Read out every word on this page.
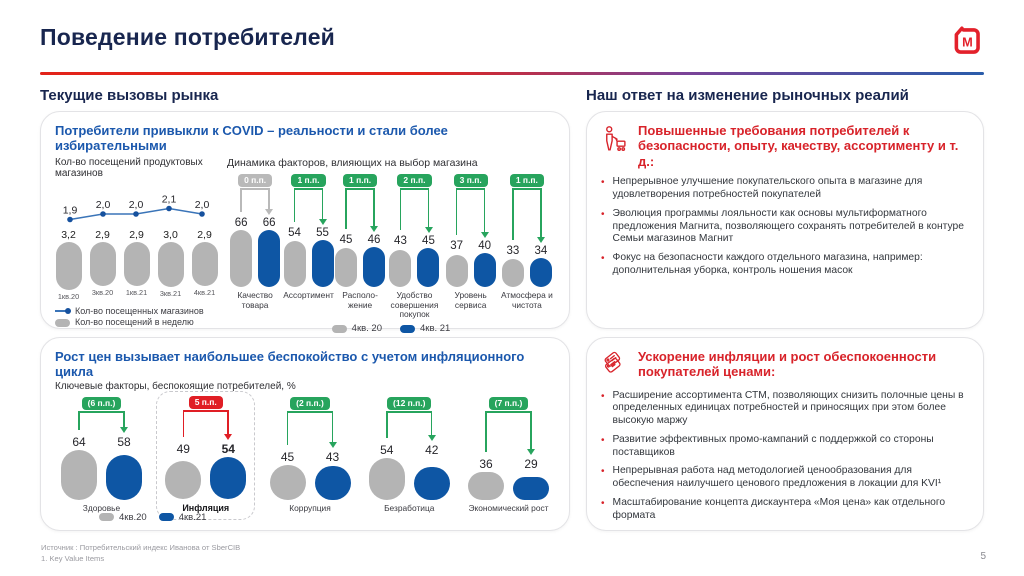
Поведение потребителей	М
Текущие вызовы рынка	Наш ответ на изменение рыночных реалий
Потребители привыкли к COVID – реальности и стали более избирательными
Кол-во посещений продуктовых магазинов
1,9 2,0 2,0 2,1 2,0
3,2
1кв.20
2,9
3кв.20
2,9
1кв.21
3,0
3кв.21
2,9
4кв.21
Кол-во посещенных магазинов
Кол-во посещений в неделю
Динамика факторов, влияющих на выбор магазина
0 п.п.
66	66
Качество товара
1 п.п.
54	55
Ассортимент
1 п.п.
45	46
Располо-жение
2 п.п.
43	45
Удобство совершения покупок
3 п.п.
37	40
Уровень сервиса
1 п.п.
33	34
Атмосфера и чистота
4кв. 20	4кв. 21
Повышенные требования потребителей к безопасности, опыту, качеству, ассортименту и т. д.:
• Непрерывное улучшение покупательского опыта в магазине для удовлетворения потребностей покупателей
• Эволюция программы лояльности как основы мультиформатного предложения Магнита, позволяющего сохранять потребителей в контуре Семьи магазинов Магнит
• Фокус на безопасности каждого отдельного магазина, например: дополнительная уборка, контроль ношения масок
Рост цен вызывает наибольшее беспокойство с учетом инфляционного цикла
Ключевые факторы, беспокоящие потребителей, %
(6 п.п.)
64	58
Здоровье
5 п.п.
49	54
Инфляция
(2 п.п.)
45	43
Коррупция
(12 п.п.)
54	42
Безработица
(7 п.п.)
36	29
Экономический рост
4кв.20	4кв.21
Ускорение инфляции и рост обеспокоенности покупателей ценами:
• Расширение ассортимента СТМ, позволяющих снизить полочные цены в определенных единицах потребностей и приносящих при этом более высокую маржу
• Развитие эффективных промо-кампаний с поддержкой со стороны поставщиков
• Непрерывная работа над методологией ценообразования для обеспечения наилучшего ценового предложения в локации для KVI¹
• Масштабирование концепта дискаунтера «Моя цена» как отдельного формата
Источник : Потребительский индекс Иванова от SberCIB
1. Key Value Items	5
